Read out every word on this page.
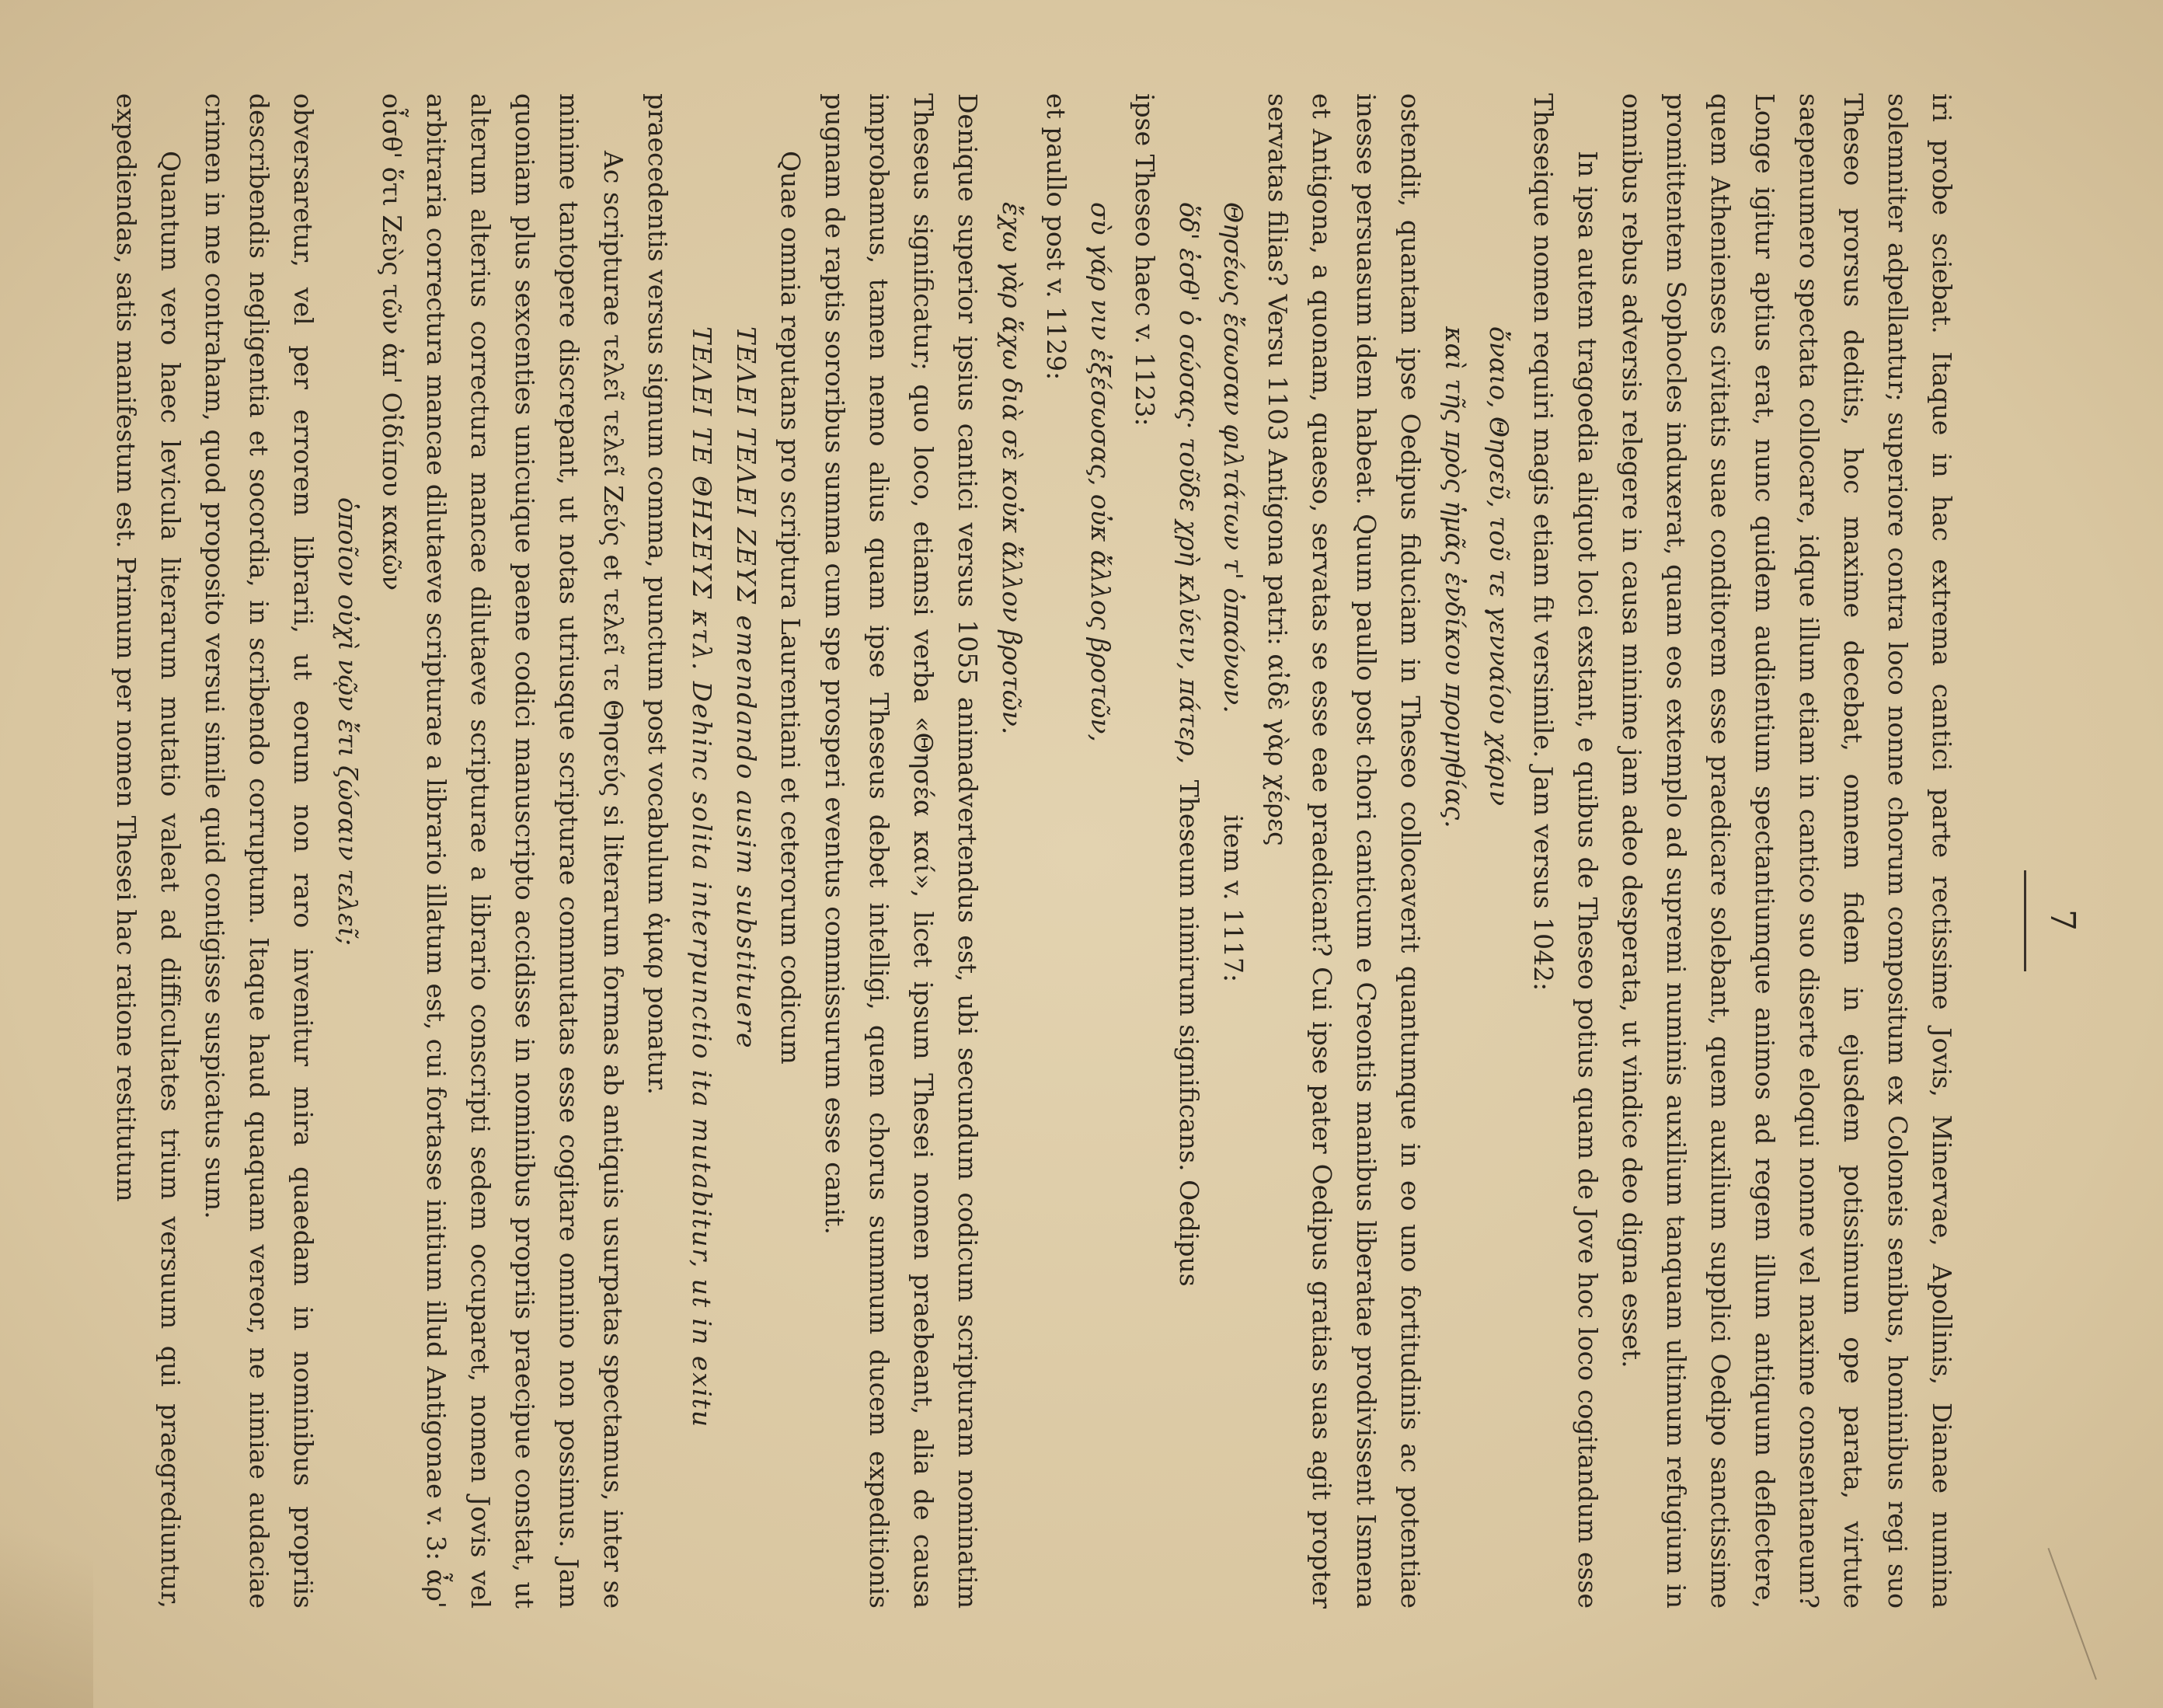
7

iri probe sciebat. Itaque in hac extrema cantici parte rectissime Jovis, Minervae, Apollinis, Dianae numina solemniter adpellantur; superiore contra loco nonne chorum compositum ex Coloneis senibus, hominibus regi suo Theseo prorsus deditis, hoc maxime decebat, omnem fidem in ejusdem potissimum ope parata, virtute saepenumero spectata collocare, idque illum etiam in cantico suo diserte eloqui nonne vel maxime consentaneum? Longe igitur aptius erat, nunc quidem audientium spectantiumque animos ad regem illum antiquum deflectere, quem Athenienses civitatis suae conditorem esse praedicare solebant, quem auxilium supplici Oedipo sanctissime promittentem Sophocles induxerat, quam eos extemplo ad supremi numinis auxilium tanquam ultimum refugium in omnibus rebus adversis relegere in causa minime jam adeo desperata, ut vindice deo digna esset.

In ipsa autem tragoedia aliquot loci exstant, e quibus de Theseo potius quam de Jove hoc loco cogitandum esse Theseique nomen requiri magis etiam fit versimile. Jam versus 1042:

ὄναιο, Θησεῦ, τοῦ τε γενναίου χάριν

καὶ τῆς πρὸς ἡμᾶς ἐνδίκου προμηθίας.

ostendit, quantam ipse Oedipus fiduciam in Theseo collocaverit quantumque in eo uno fortitudinis ac potentiae inesse persuasum idem habeat. Quum paullo post chori canticum e Creontis manibus liberatae prodivissent Ismena et Antigona, a quonam, quaeso, servatas se esse eae praedicant? Cui ipse pater Oedipus gratias suas agit propter servatas filias? Versu 1103 Antigona patri: αἰδὲ γὰρ χέρες

Θησέως ἔσωσαν φιλτάτων τ' ὀπαόνων. item v. 1117:

ὅδ' ἐσθ' ὁ σώσας· τοῦδε χρὴ κλύειν, πάτερ, Theseum nimirum significans. Oedipus

ipse Theseo haec v. 1123:

σὺ γάρ νιν ἐξέσωσας, οὐκ ἄλλος βροτῶν,

et paullo post v. 1129:

ἔχω γὰρ ἅχω διὰ σὲ κοὐκ ἄλλον βροτῶν.

Denique superior ipsius cantici versus 1055 animadvertendus est, ubi secundum codicum scripturam nominatim Theseus significatur; quo loco, etiamsi verba «Θησέα καί», licet ipsum Thesei nomen praebeant, alia de causa improbamus, tamen nemo alius quam ipse Theseus debet intelligi, quem chorus summum ducem expeditionis pugnam de raptis sororibus summa cum spe prosperi eventus commissurum esse canit.

Quae omnia reputans pro scriptura Laurentiani et ceterorum codicum

ΤΕΛΕΙ ΤΕΛΕΙ ΖΕΥΣ emendando ausim substituere

ΤΕΛΕΙ ΤΕ ΘΗΣΕΥΣ κτλ. Dehinc solita interpunctio ita mutabitur, ut in exitu

praecedentis versus signum comma, punctum post vocabulum ἁμαρ ponatur.

Ac scripturae τελεῖ τελεῖ Ζεύς et τελεῖ τε Θησεύς si literarum formas ab antiquis usurpatas spectamus, inter se minime tantopere discrepant, ut notas utriusque scripturae commutatas esse cogitare omnino non possimus. Jam quoniam plus sexcenties unicuique paene codici manuscripto accidisse in nominibus propriis praecipue constat, ut alterum alterius correctura mancae dilutaeve scripturae a librario conscripti sedem occuparet, nomen Jovis vel arbitraria correctura mancae dilutaeve scripturae a librario illatum est, cui fortasse initium illud Antigonae v. 3: ἆρ' οἶσθ' ὅτι Ζεὺς τῶν ἀπ' Οἰδίπου κακῶν

ὁποῖον οὐχὶ νῷν ἔτι ζώσαιν τελεῖ;

obversaretur, vel per errorem librarii, ut eorum non raro invenitur mira quaedam in nominibus propriis describendis negligentia et socordia, in scribendo corruptum. Itaque haud quaquam vereor, ne nimiae audaciae crimen in me contraham, quod proposito versui simile quid contigisse suspicatus sum.

Quantum vero haec levicula literarum mutatio valeat ad difficultates trium versuum qui praegrediuntur, expediendas, satis manifestum est. Primum per nomen Thesei hac ratione restitutum
